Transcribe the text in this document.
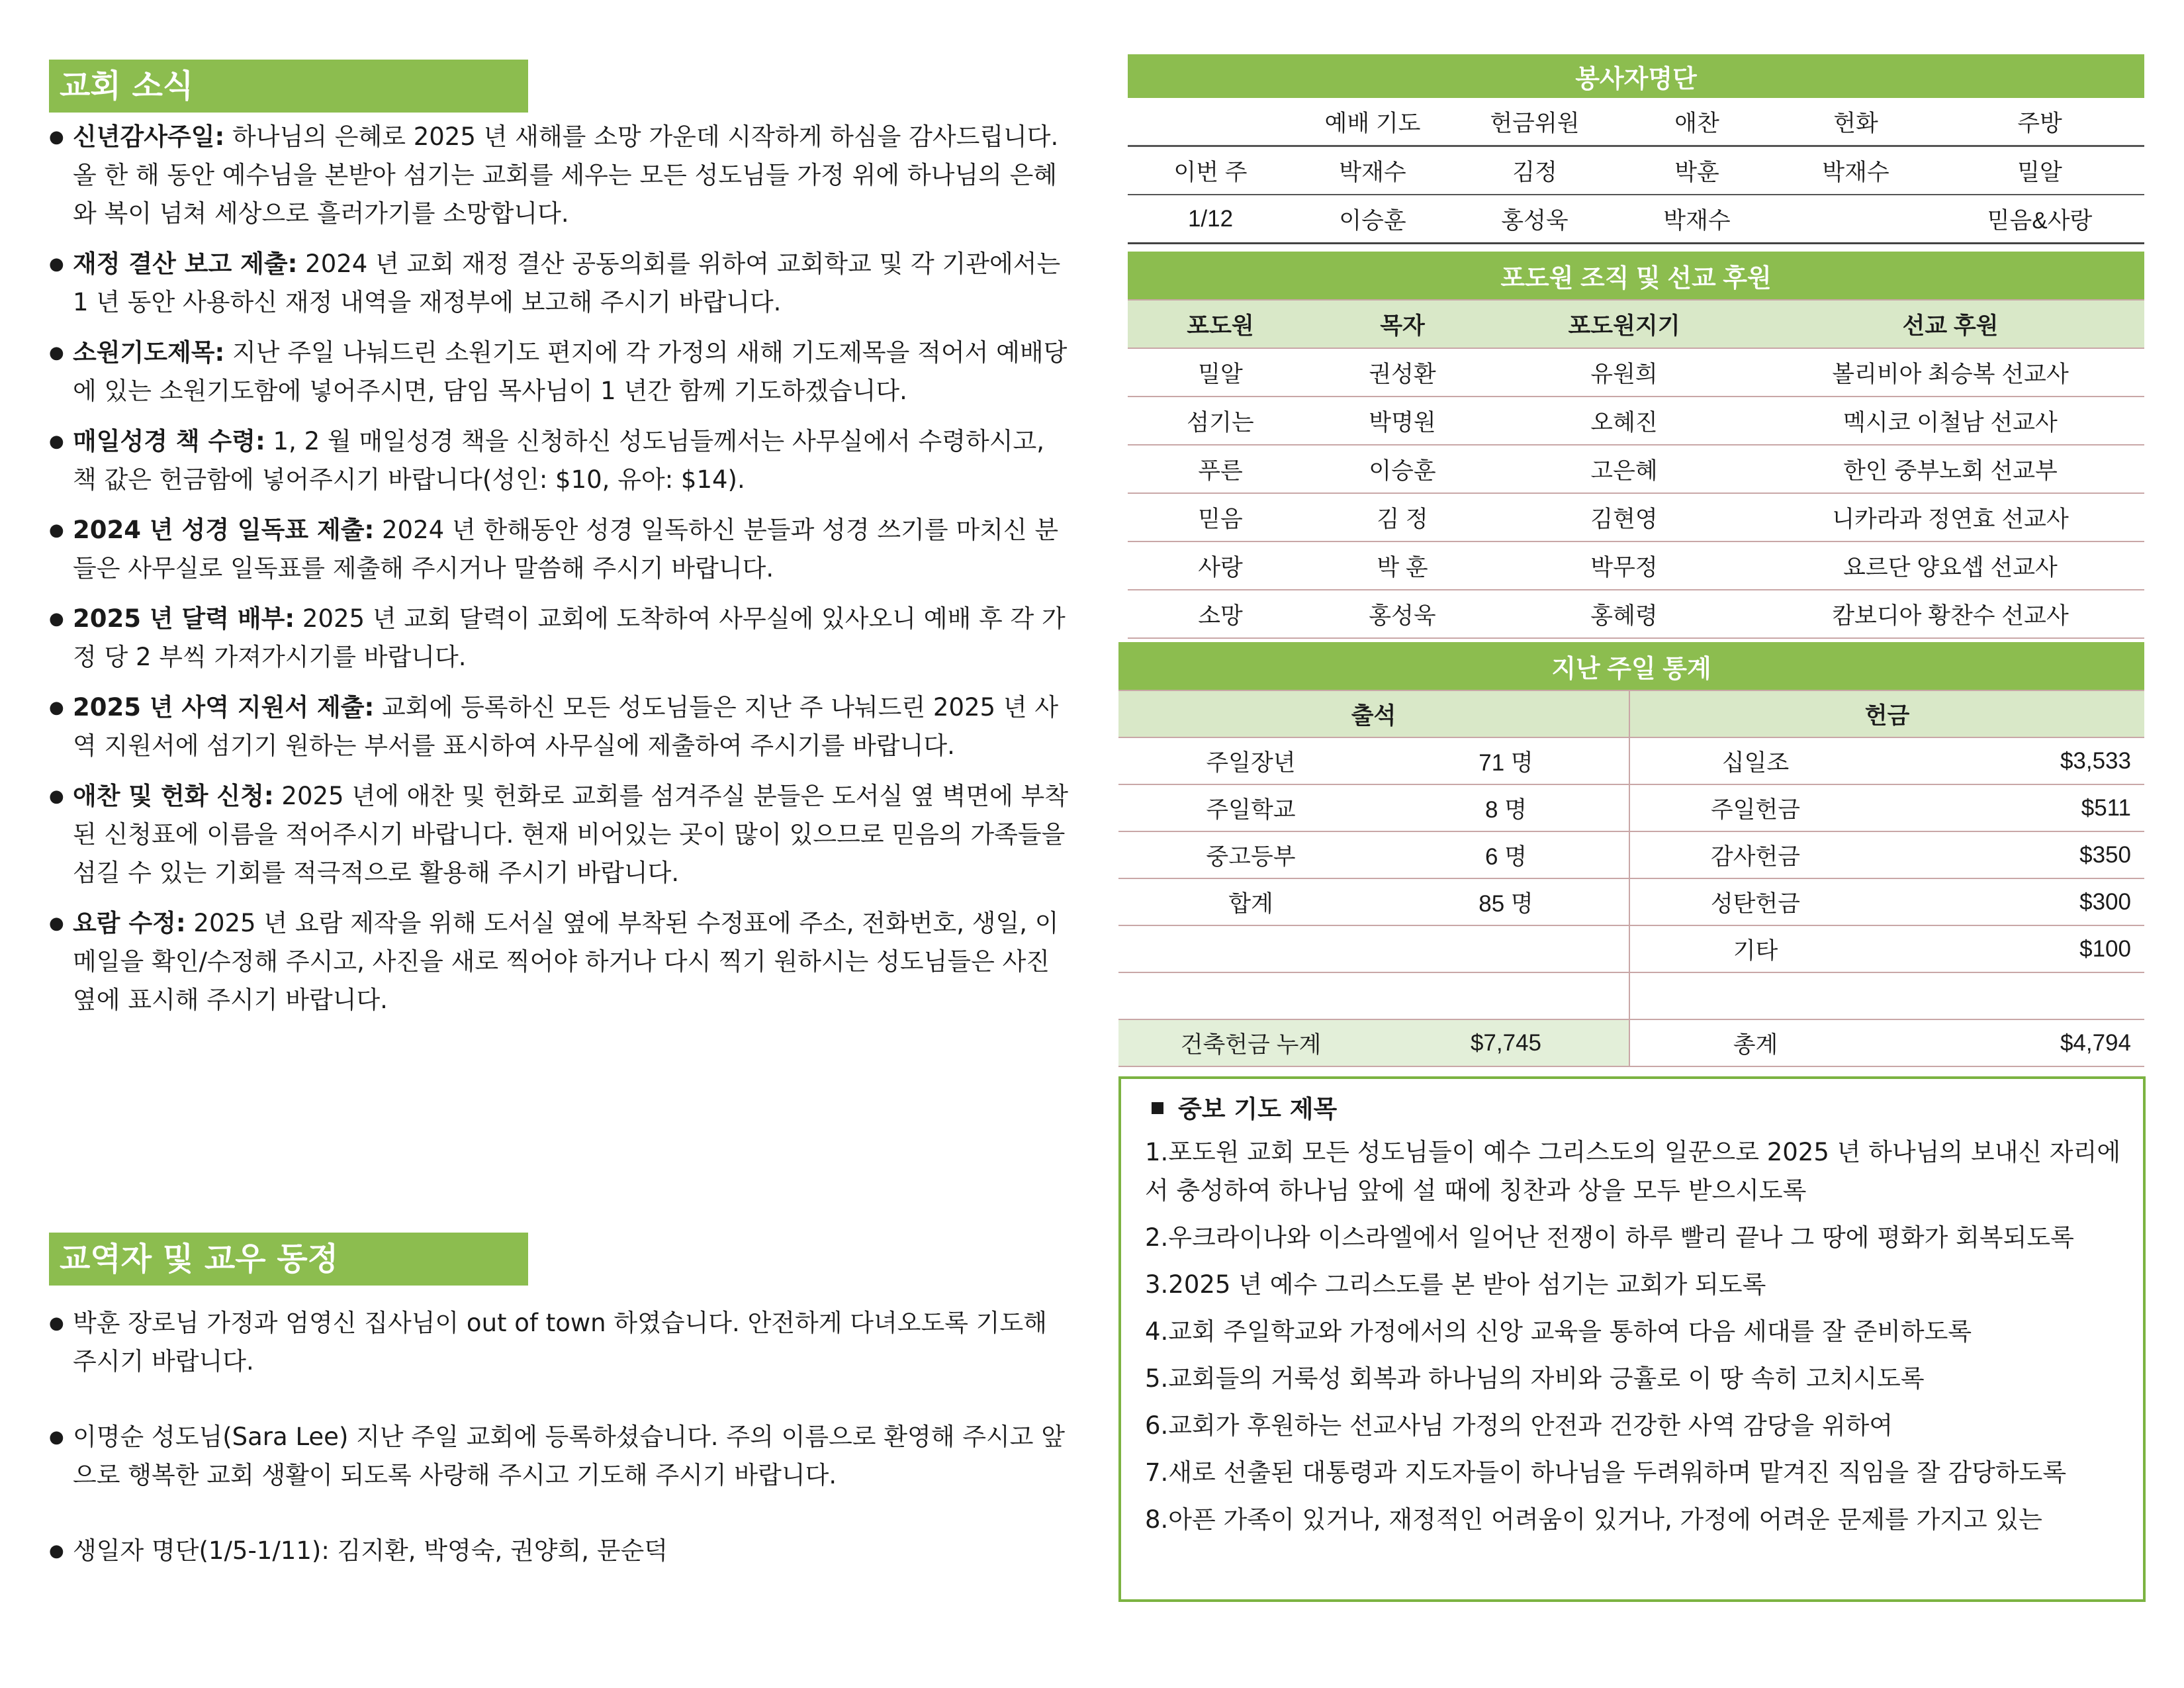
교회 소식
● 신년감사주일: 하나님의 은혜로 2025 년 새해를 소망 가운데 시작하게 하심을 감사드립니다. 올 한 해 동안 예수님을 본받아 섬기는 교회를 세우는 모든 성도님들 가정 위에 하나님의 은혜와 복이 넘쳐 세상으로 흘러가기를 소망합니다.
● 재정 결산 보고 제출: 2024 년 교회 재정 결산 공동의회를 위하여 교회학교 및 각 기관에서는 1 년 동안 사용하신 재정 내역을 재정부에 보고해 주시기 바랍니다.
● 소원기도제목: 지난 주일 나눠드린 소원기도 편지에 각 가정의 새해 기도제목을 적어서 예배당에 있는 소원기도함에 넣어주시면, 담임 목사님이 1 년간 함께 기도하겠습니다.
● 매일성경 책 수령: 1, 2 월 매일성경 책을 신청하신 성도님들께서는 사무실에서 수령하시고, 책 값은 헌금함에 넣어주시기 바랍니다(성인: $10, 유아: $14).
● 2024 년 성경 일독표 제출: 2024 년 한해동안 성경 일독하신 분들과 성경 쓰기를 마치신 분들은 사무실로 일독표를 제출해 주시거나 말씀해 주시기 바랍니다.
● 2025 년 달력 배부: 2025 년 교회 달력이 교회에 도착하여 사무실에 있사오니 예배 후 각 가정 당 2 부씩 가져가시기를 바랍니다.
● 2025 년 사역 지원서 제출: 교회에 등록하신 모든 성도님들은 지난 주 나눠드린 2025 년 사역 지원서에 섬기기 원하는 부서를 표시하여 사무실에 제출하여 주시기를 바랍니다.
● 애찬 및 헌화 신청: 2025 년에 애찬 및 헌화로 교회를 섬겨주실 분들은 도서실 옆 벽면에 부착된 신청표에 이름을 적어주시기 바랍니다. 현재 비어있는 곳이 많이 있으므로 믿음의 가족들을 섬길 수 있는 기회를 적극적으로 활용해 주시기 바랍니다.
● 요람 수정: 2025 년 요람 제작을 위해 도서실 옆에 부착된 수정표에 주소, 전화번호, 생일, 이메일을 확인/수정해 주시고, 사진을 새로 찍어야 하거나 다시 찍기 원하시는 성도님들은 사진 옆에 표시해 주시기 바랍니다.
교역자 및 교우 동정
● 박훈 장로님 가정과 엄영신 집사님이 out of town 하였습니다. 안전하게 다녀오도록 기도해 주시기 바랍니다.
● 이명순 성도님(Sara Lee) 지난 주일 교회에 등록하셨습니다. 주의 이름으로 환영해 주시고 앞으로 행복한 교회 생활이 되도록 사랑해 주시고 기도해 주시기 바랍니다.
● 생일자 명단(1/5-1/11): 김지환, 박영숙, 권양희, 문순덕
봉사자명단					
	예배 기도	헌금위원	애찬	헌화	주방
이번 주	박재수	김정	박훈	박재수	밀알
1/12	이승훈	홍성욱	박재수		믿음&사랑
포도원 조직 및 선교 후원			
포도원	목자	포도원지기	선교 후원
밀알	권성환	유원희	볼리비아 최승복 선교사
섬기는	박명원	오혜진	멕시코 이철남 선교사
푸른	이승훈	고은혜	한인 중부노회 선교부
믿음	김 정	김현영	니카라과 정연효 선교사
사랑	박 훈	박무정	요르단 양요셉 선교사
소망	홍성욱	홍혜령	캄보디아 황찬수 선교사
지난 주일 통계			
출석		헌금	
주일장년	71 명	십일조	$3,533
주일학교	8 명	주일헌금	$511
중고등부	6 명	감사헌금	$350
합계	85 명	성탄헌금	$300
		기타	$100

건축헌금 누계	$7,745	총계	$4,794
중보 기도 제목
1.포도원 교회 모든 성도님들이 예수 그리스도의 일꾼으로 2025 년 하나님의 보내신 자리에서 충성하여 하나님 앞에 설 때에 칭찬과 상을 모두 받으시도록
2.우크라이나와 이스라엘에서 일어난 전쟁이 하루 빨리 끝나 그 땅에 평화가 회복되도록
3.2025 년 예수 그리스도를 본 받아 섬기는 교회가 되도록
4.교회 주일학교와 가정에서의 신앙 교육을 통하여 다음 세대를 잘 준비하도록
5.교회들의 거룩성 회복과 하나님의 자비와 긍휼로 이 땅 속히 고치시도록
6.교회가 후원하는 선교사님 가정의 안전과 건강한 사역 감당을 위하여
7.새로 선출된 대통령과 지도자들이 하나님을 두려워하며 맡겨진 직임을 잘 감당하도록
8.아픈 가족이 있거나, 재정적인 어려움이 있거나, 가정에 어려운 문제를 가지고 있는
